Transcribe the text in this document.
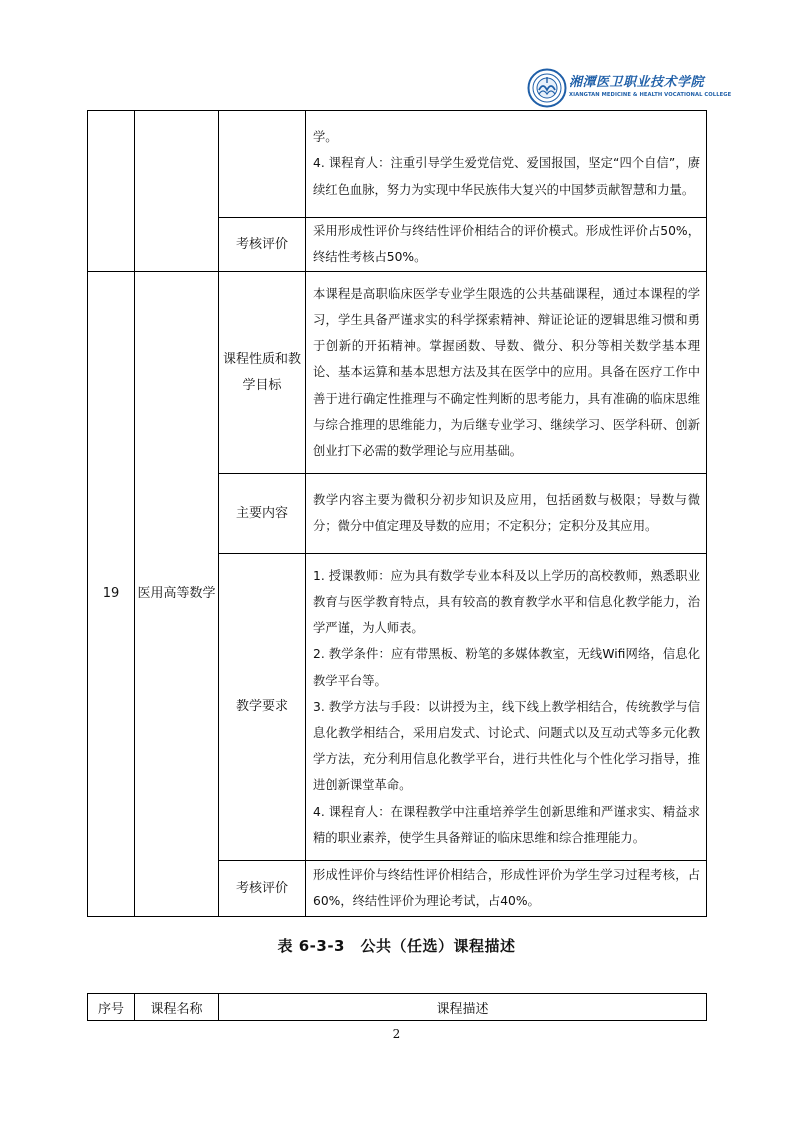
湘潭医卫职业技术学院
XIANGTAN MEDICINE & HEALTH VOCATIONAL COLLEGE

			学。

4. 课程育人：注重引导学生爱党信党、爱国报国，坚定“四个自信”，赓续红色血脉，努力为实现中华民族伟大复兴的中国梦贡献智慧和力量。

		考核评价	采用形成性评价与终结性评价相结合的评价模式。形成性评价占50%，终结性考核占50%。
19	医用高等数学	课程性质和教学目标	本课程是高职临床医学专业学生限选的公共基础课程，通过本课程的学习，学生具备严谨求实的科学探索精神、辩证论证的逻辑思维习惯和勇于创新的开拓精神。掌握函数、导数、微分、积分等相关数学基本理论、基本运算和基本思想方法及其在医学中的应用。具备在医疗工作中善于进行确定性推理与不确定性判断的思考能力，具有准确的临床思维与综合推理的思维能力，为后继专业学习、继续学习、医学科研、创新创业打下必需的数学理论与应用基础。
		主要内容	教学内容主要为微积分初步知识及应用，包括函数与极限；导数与微分；微分中值定理及导数的应用；不定积分；定积分及其应用。
		教学要求	1. 授课教师：应为具有数学专业本科及以上学历的高校教师，熟悉职业教育与医学教育特点，具有较高的教育教学水平和信息化教学能力，治学严谨，为人师表。

2. 教学条件：应有带黑板、粉笔的多媒体教室，无线Wifi网络，信息化教学平台等。

3. 教学方法与手段：以讲授为主，线下线上教学相结合，传统教学与信息化教学相结合，采用启发式、讨论式、问题式以及互动式等多元化教学方法，充分利用信息化教学平台，进行共性化与个性化学习指导，推进创新课堂革命。

4. 课程育人：在课程教学中注重培养学生创新思维和严谨求实、精益求精的职业素养，使学生具备辩证的临床思维和综合推理能力。

		考核评价	形成性评价与终结性评价相结合，形成性评价为学生学习过程考核，占60%，终结性评价为理论考试，占40%。
表 6-3-3　公共（任选）课程描述
序号	课程名称	课程描述
2
